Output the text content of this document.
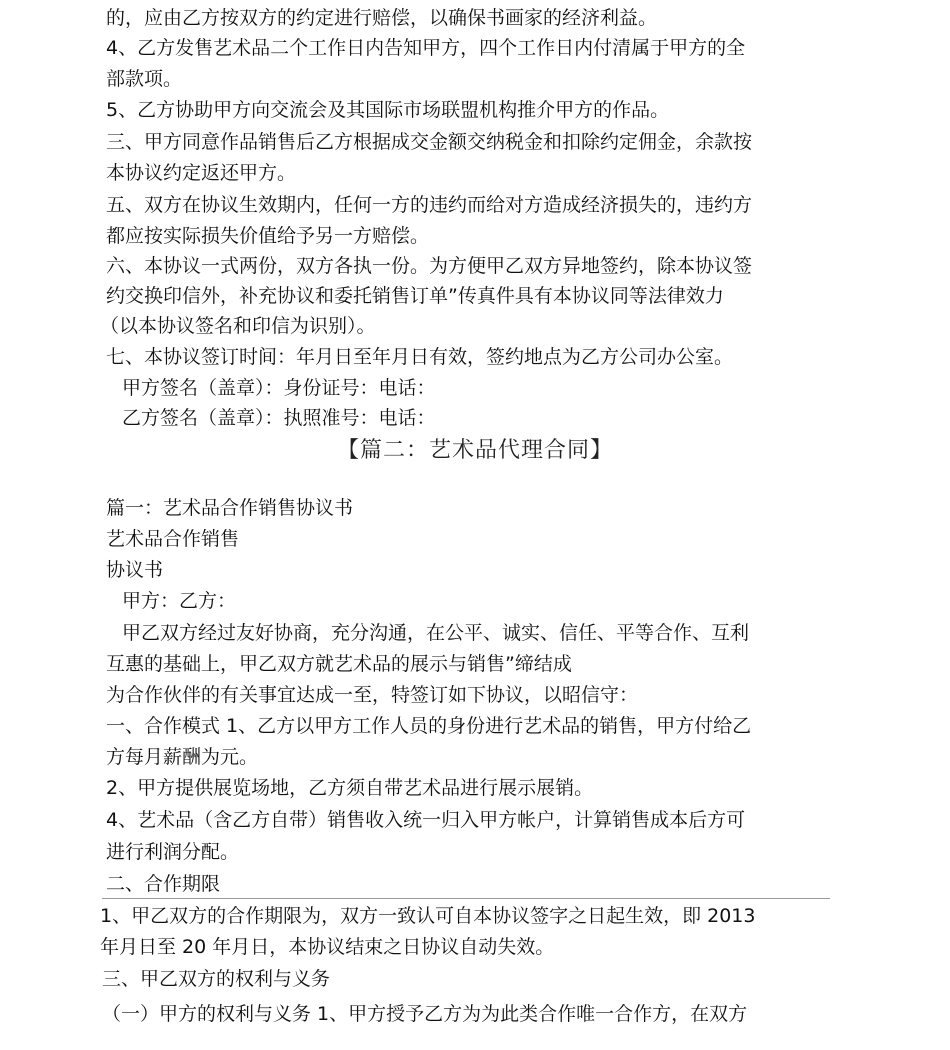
的，应由乙方按双方的约定进行赔偿，以确保书画家的经济利益。

4、乙方发售艺术品二个工作日内告知甲方，四个工作日内付清属于甲方的全

部款项。

5、乙方协助甲方向交流会及其国际市场联盟机构推介甲方的作品。

三、甲方同意作品销售后乙方根据成交金额交纳税金和扣除约定佣金，余款按

本协议约定返还甲方。

五、双方在协议生效期内，任何一方的违约而给对方造成经济损失的，违约方

都应按实际损失价值给予另一方赔偿。

六、本协议一式两份，双方各执一份。为方便甲乙双方异地签约，除本协议签

约交换印信外，补充协议和委托销售订单”传真件具有本协议同等法律效力

（以本协议签名和印信为识别）。

七、本协议签订时间：年月日至年月日有效，签约地点为乙方公司办公室。

甲方签名（盖章）：身份证号：电话：

乙方签名（盖章）：执照准号：电话：

【篇二：艺术品代理合同】

篇一：艺术品合作销售协议书

艺术品合作销售

协议书

甲方：乙方：

甲乙双方经过友好协商，充分沟通，在公平、诚实、信任、平等合作、互利

互惠的基础上，甲乙双方就艺术品的展示与销售”缔结成

为合作伙伴的有关事宜达成一至，特签订如下协议，以昭信守：

一、合作模式 1、乙方以甲方工作人员的身份进行艺术品的销售，甲方付给乙

方每月薪酬为元。

2、甲方提供展览场地，乙方须自带艺术品进行展示展销。

4、艺术品（含乙方自带）销售收入统一归入甲方帐户，计算销售成本后方可

进行利润分配。

二、合作期限

1、甲乙双方的合作期限为，双方一致认可自本协议签字之日起生效，即 2013

年月日至 20 年月日，本协议结束之日协议自动失效。

三、甲乙双方的权利与义务

（一）甲方的权利与义务 1、甲方授予乙方为为此类合作唯一合作方，在双方
